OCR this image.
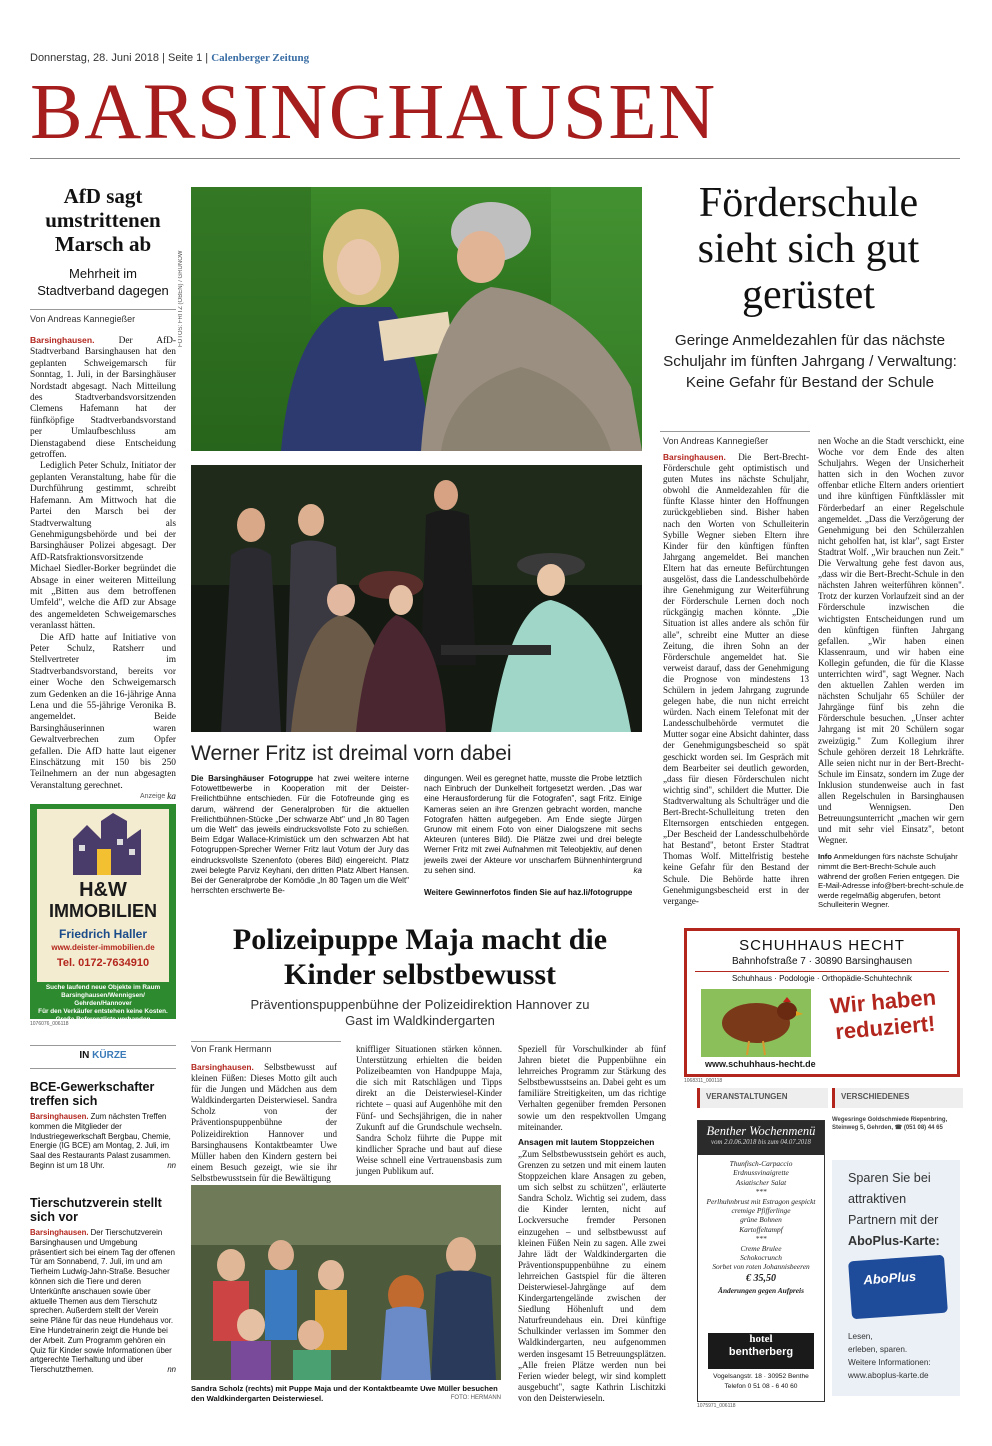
Donnerstag, 28. Juni 2018 | Seite 1 | Calenberger Zeitung
BARSINGHAUSEN
AfD sagt umstrittenen Marsch ab
Mehrheit im Stadtverband dagegen
Von Andreas Kannegießer

Barsinghausen.	Der AfD-Stadtverband Barsinghausen hat den geplanten Schweigemarsch für Sonntag, 1. Juli, in der Barsinghäuser Nordstadt abgesagt. Nach Mitteilung des Stadtverbandsvorsitzenden Clemens Hafemann hat der fünfköpfige Stadtverbandsvorstand per Umlaufbeschluss am Dienstagabend diese Entscheidung getroffen.

Lediglich Peter Schulz, Initiator der geplanten Veranstaltung, habe für die Durchführung gestimmt, schreibt Hafemann. Am Mittwoch hat die Partei den Marsch bei der Stadtverwaltung als Genehmigungsbehörde und bei der Barsinghäuser Polizei abgesagt. Der AfD-Ratsfraktionsvorsitzende Michael Siedler-Borker begründet die Absage in einer weiteren Mitteilung mit „Bitten aus dem betroffenen Umfeld", welche die AfD zur Absage des angemeldeten Schweigemarsches veranlasst hätten.

Die AfD hatte auf Initiative von Peter Schulz, Ratsherr und Stellvertreter im Stadtverbandsvorstand, bereits vor einer Woche den Schweigemarsch zum Gedenken an die 16-jährige Anna Lena und die 55-jährige Veronika B. angemeldet. Beide Barsinghäuserinnen waren Gewaltverbrechen zum Opfer gefallen. Die AfD hatte laut eigener Einschätzung mit 150 bis 250 Teilnehmern an der nun abgesagten Veranstaltung gerechnet.

ka

FOTOS: FRITZ (OBEN) / GRUNOW
Werner Fritz ist dreimal vorn dabei
Die Barsinghäuser Fotogruppe hat zwei weitere interne Fotowettbewerbe in Kooperation mit der Deister-Freilichtbühne entschieden. Für die Fotofreunde ging es darum, während der Generalproben für die aktuellen Freilichtbühnen-Stücke „Der schwarze Abt" und „In 80 Tagen um die Welt" das jeweils eindrucksvollste Foto zu schießen. Beim Edgar Wallace-Krimistück um den schwarzen Abt hat Fotogruppen-Sprecher Werner Fritz laut Votum der Jury das eindrucksvollste Szenenfoto (oberes Bild) eingereicht. Platz zwei belegte Parviz Keyhani, den dritten Platz Albert Hansen. Bei der Generalprobe der Komödie „In 80 Tagen um die Welt" herrschten erschwerte Be-
dingungen. Weil es geregnet hatte, musste die Probe letztlich nach Einbruch der Dunkelheit fortgesetzt werden. „Das war eine Herausforderung für die Fotografen", sagt Fritz. Einige Kameras seien an ihre Grenzen gebracht worden, manche Fotografen hätten aufgegeben. Am Ende siegte Jürgen Grunow mit einem Foto von einer Dialogszene mit sechs Akteuren (unteres Bild). Die Plätze zwei und drei belegte Werner Fritz mit zwei Aufnahmen mit Teleobjektiv, auf denen jeweils zwei der Akteure vor unscharfem Bühnenhintergrund zu sehen sind.	ka
Weitere Gewinnerfotos finden Sie auf haz.li/fotogruppe
Förderschule sieht sich gut gerüstet
Geringe Anmeldezahlen für das nächste Schuljahr im fünften Jahrgang / Verwaltung: Keine Gefahr für Bestand der Schule
Von Andreas Kannegießer
Barsinghausen. Die Bert-Brecht-Förderschule geht optimistisch und guten Mutes ins nächste Schuljahr, obwohl die Anmeldezahlen für die fünfte Klasse hinter den Hoffnungen zurückgeblieben sind. Bisher haben nach den Worten von Schulleiterin Sybille Wegner sieben Eltern ihre Kinder für den künftigen fünften Jahrgang angemeldet. Bei manchen Eltern hat das erneute Befürchtungen ausgelöst, dass die Landesschulbehörde ihre Genehmigung zur Weiterführung der Förderschule Lernen doch noch rückgängig machen könnte. „Die Situation ist alles andere als schön für alle", schreibt eine Mutter an diese Zeitung, die ihren Sohn an der Förderschule angemeldet hat. Sie verweist darauf, dass der Genehmigung die Prognose von mindestens 13 Schülern in jedem Jahrgang zugrunde gelegen habe, die nun nicht erreicht würden. Nach einem Telefonat mit der Landesschulbehörde vermutet die Mutter sogar eine Absicht dahinter, dass der Genehmigungsbescheid so spät geschickt worden sei. Im Gespräch mit dem Bearbeiter sei deutlich geworden, „dass für diesen Förderschulen nicht wichtig sind", schildert die Mutter. Die Stadtverwaltung als Schulträger und die Bert-Brecht-Schulleitung treten den Elternsorgen entschieden entgegen. „Der Bescheid der Landesschulbehörde hat Bestand", betont Erster Stadtrat Thomas Wolf. Mittelfristig bestehe keine Gefahr für den Bestand der Schule. Die Behörde hatte ihren Genehmigungsbescheid erst in der vergange-
nen Woche an die Stadt verschickt, eine Woche vor dem Ende des alten Schuljahrs. Wegen der Unsicherheit hatten sich in den Wochen zuvor offenbar etliche Eltern anders orientiert und ihre künftigen Fünftklässler mit Förderbedarf an einer Regelschule angemeldet. „Dass die Verzögerung der Genehmigung bei den Schülerzahlen nicht geholfen hat, ist klar", sagt Erster Stadtrat Wolf. „Wir brauchen nun Zeit." Die Verwaltung gehe fest davon aus, „dass wir die Bert-Brecht-Schule in den nächsten Jahren weiterführen können". Trotz der kurzen Vorlaufzeit sind an der Förderschule inzwischen die wichtigsten Entscheidungen rund um den künftigen fünften Jahrgang gefallen. „Wir haben einen Klassenraum, und wir haben eine Kollegin gefunden, die für die Klasse unterrichten wird", sagt Wegner. Nach den aktuellen Zahlen werden im nächsten Schuljahr 65 Schüler der Jahrgänge fünf bis zehn die Förderschule besuchen. „Unser achter Jahrgang ist mit 20 Schülern sogar zweizügig." Zum Kollegium ihrer Schule gehören derzeit 18 Lehrkräfte. Alle seien nicht nur in der Bert-Brecht-Schule im Einsatz, sondern im Zuge der Inklusion stundenweise auch in fast allen Regelschulen in Barsinghausen und Wennigsen. Den Betreuungsunterricht „machen wir gern und mit sehr viel Einsatz", betont Wegner.
Info Anmeldungen fürs nächste Schuljahr nimmt die Bert-Brecht-Schule auch während der großen Ferien entgegen. Die E-Mail-Adresse info@bert-brecht-schule.de werde regelmäßig abgerufen, betont Schulleiterin Wegner.
Anzeige
H&W
IMMOBILIEN
Friedrich Haller
www.deister-immobilien.de
Tel. 0172-7634910
Suche laufend neue Objekte im Raum
Barsinghausen/Wennigsen/
Gehrden/Hannover
Für den Verkäufer entstehen keine Kosten.
Große Referenzliste vorhanden
1076076_006118
IN KÜRZE
BCE-Gewerkschafter treffen sich
Barsinghausen. Zum nächsten Treffen kommen die Mitglieder der Industriegewerkschaft Bergbau, Chemie, Energie (IG BCE) am Montag, 2. Juli, im Saal des Restaurants Palast zusammen. Beginn ist um 18 Uhr.	nn
Tierschutzverein stellt sich vor
Barsinghausen. Der Tierschutzverein Barsinghausen und Umgebung präsentiert sich bei einem Tag der offenen Tür am Sonnabend, 7. Juli, im und am Tierheim Ludwig-Jahn-Straße. Besucher können sich die Tiere und deren Unterkünfte anschauen sowie über aktuelle Themen aus dem Tierschutz sprechen. Außerdem stellt der Verein seine Pläne für das neue Hundehaus vor. Eine Hundetrainerin zeigt die Hunde bei der Arbeit. Zum Programm gehören ein Quiz für Kinder sowie Informationen über artgerechte Tierhaltung und über Tierschutzthemen.	nn
Polizeipuppe Maja macht die Kinder selbstbewusst
Präventionspuppenbühne der Polizeidirektion Hannover zu Gast im Waldkindergarten
Von Frank Hermann
Barsinghausen. Selbstbewusst auf kleinen Füßen: Dieses Motto gilt auch für die Jungen und Mädchen aus dem Waldkindergarten Deisterwiesel. Sandra Scholz von der Präventionspuppenbühne der Polizeidirektion Hannover und Barsinghausens Kontaktbeamter Uwe Müller haben den Kindern gestern bei einem Besuch gezeigt, wie sie ihr Selbstbewusstsein für die Bewältigung
kniffliger Situationen stärken können. Unterstützung erhielten die beiden Polizeibeamten von Handpuppe Maja, die sich mit Ratschlägen und Tipps direkt an die Deisterwiesel-Kinder richtete – quasi auf Augenhöhe mit den Fünf- und Sechsjährigen, die in naher Zukunft auf die Grundschule wechseln. Sandra Scholz führte die Puppe mit kindlicher Sprache und baut auf diese Weise schnell eine Vertrauensbasis zum jungen Publikum auf.
Speziell für Vorschulkinder ab fünf Jahren bietet die Puppenbühne ein lehrreiches Programm zur Stärkung des Selbstbewusstseins an. Dabei geht es um familiäre Streitigkeiten, um das richtige Verhalten gegenüber fremden Personen sowie um den respektvollen Umgang miteinander.
Ansagen mit lautem Stoppzeichen
„Zum Selbstbewusstsein gehört es auch, Grenzen zu setzen und mit einem lauten Stoppzeichen klare Ansagen zu geben, um sich selbst zu schützen", erläuterte Sandra Scholz. Wichtig sei zudem, dass die Kinder lernten, nicht auf Lockversuche fremder Personen einzugehen – und selbstbewusst auf kleinen Füßen Nein zu sagen. Alle zwei Jahre lädt der Waldkindergarten die Präventionspuppenbühne zu einem lehrreichen Gastspiel für die älteren Deisterwiesel-Jahrgänge auf dem Kindergartengelände zwischen der Siedlung Höhenluft und dem Naturfreundehaus ein. Drei künftige Schulkinder verlassen im Sommer den Waldkindergarten, neu aufgenommen werden insgesamt 15 Betreuungsplätzen. „Alle freien Plätze werden nun bei Ferien wieder belegt, wir sind komplett ausgebucht", sagte Kathrin Lischitzki von den Deisterwieseln.
Sandra Scholz (rechts) mit Puppe Maja und der Kontaktbeamte Uwe Müller besuchen den Waldkindergarten Deisterwiesel.	FOTO: HERMANN
SCHUHHAUS HECHT
Bahnhofstraße 7 · 30890 Barsinghausen
Schuhhaus · Podologie · Orthopädie-Schuhtechnik
Wir haben
reduziert!
www.schuhhaus-hecht.de
1068311_000118
VERANSTALTUNGEN	VERSCHIEDENES
Wegesringe Goldschmiede Riepenbring, Steinweg 5, Gehrden, ☎ (051 08) 44 65
Benther Wochenmenü
vom 2.0.06.2018 bis zum 04.07.2018
Thunfisch-Carpaccio
Erdnussvinaigrette
Asiatischer Salat
***
Perlhuhnbrust mit Estragon gespickt
cremige Pfifferlinge
grüne Bohnen
Kartoffeltampf
***
Creme Brulee
Schokocrunch
Sorbet von roten Johannisbeeren
€ 35,50
Änderungen gegen Aufpreis
hotel
bentherberg
Vogelsangstr. 18 · 30952 Benthe
Telefon 0 51 08 - 6 40 60
1075971_006118
Sparen Sie bei
attraktiven
Partnern mit der
AboPlus-Karte:
AboPlus
Lesen,
erleben, sparen.
Weitere Informationen:
www.aboplus-karte.de
